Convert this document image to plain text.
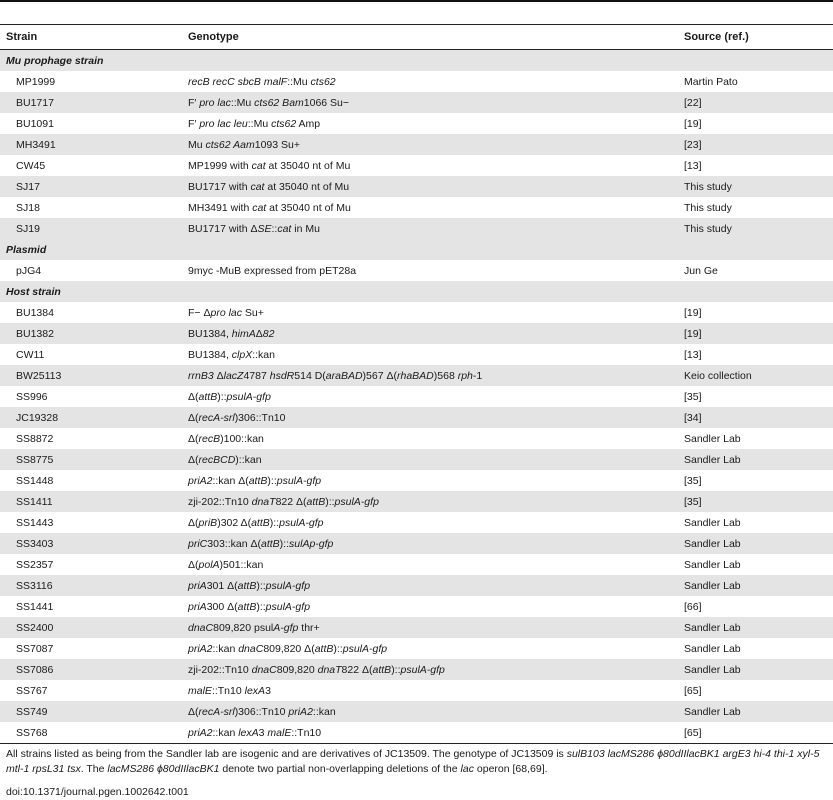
Strain	Genotype	Source (ref.)
Mu prophage strain
MP1999	recB recC sbcB malF::Mu cts62	Martin Pato
BU1717	F′ pro lac::Mu cts62 Bam1066 Su−	[22]
BU1091	F′ pro lac leu::Mu cts62 Amp	[19]
MH3491	Mu cts62 Aam1093 Su+	[23]
CW45	MP1999 with cat at 35040 nt of Mu	[13]
SJ17	BU1717 with cat at 35040 nt of Mu	This study
SJ18	MH3491 with cat at 35040 nt of Mu	This study
SJ19	BU1717 with ΔSE::cat in Mu	This study
Plasmid
pJG4	9myc -MuB expressed from pET28a	Jun Ge
Host strain
BU1384	F− Δpro lac Su+	[19]
BU1382	BU1384, himAΔ82	[19]
CW11	BU1384, clpX::kan	[13]
BW25113	rrnB3 ΔlacZ4787 hsdR514 D(araBAD)567 Δ(rhaBAD)568 rph-1	Keio collection
SS996	Δ(attB)::psulA-gfp	[35]
JC19328	Δ(recA-srl)306::Tn10	[34]
SS8872	Δ(recB)100::kan	Sandler Lab
SS8775	Δ(recBCD)::kan	Sandler Lab
SS1448	priA2::kan Δ(attB)::psulA-gfp	[35]
SS1411	zji-202::Tn10 dnaT822 Δ(attB)::psulA-gfp	[35]
SS1443	Δ(priB)302 Δ(attB)::psulA-gfp	Sandler Lab
SS3403	priC303::kan Δ(attB)::sulAp-gfp	Sandler Lab
SS2357	Δ(polA)501::kan	Sandler Lab
SS3116	priA301 Δ(attB)::psulA-gfp	Sandler Lab
SS1441	priA300 Δ(attB)::psulA-gfp	[66]
SS2400	dnaC809,820 psulA-gfp thr+	Sandler Lab
SS7087	priA2::kan dnaC809,820 Δ(attB)::psulA-gfp	Sandler Lab
SS7086	zji-202::Tn10 dnaC809,820 dnaT822 Δ(attB)::psulA-gfp	Sandler Lab
SS767	malE::Tn10 lexA3	[65]
SS749	Δ(recA-srl)306::Tn10 priA2::kan	Sandler Lab
SS768	priA2::kan lexA3 malE::Tn10	[65]
All strains listed as being from the Sandler lab are isogenic and are derivatives of JC13509. The genotype of JC13509 is sulB103 lacMS286 ϕ80dIIlacBK1 argE3 hi-4 thi-1 xyl-5 mtl-1 rpsL31 tsx. The lacMS286 ϕ80dIIlacBK1 denote two partial non-overlapping deletions of the lac operon [68,69].
doi:10.1371/journal.pgen.1002642.t001
